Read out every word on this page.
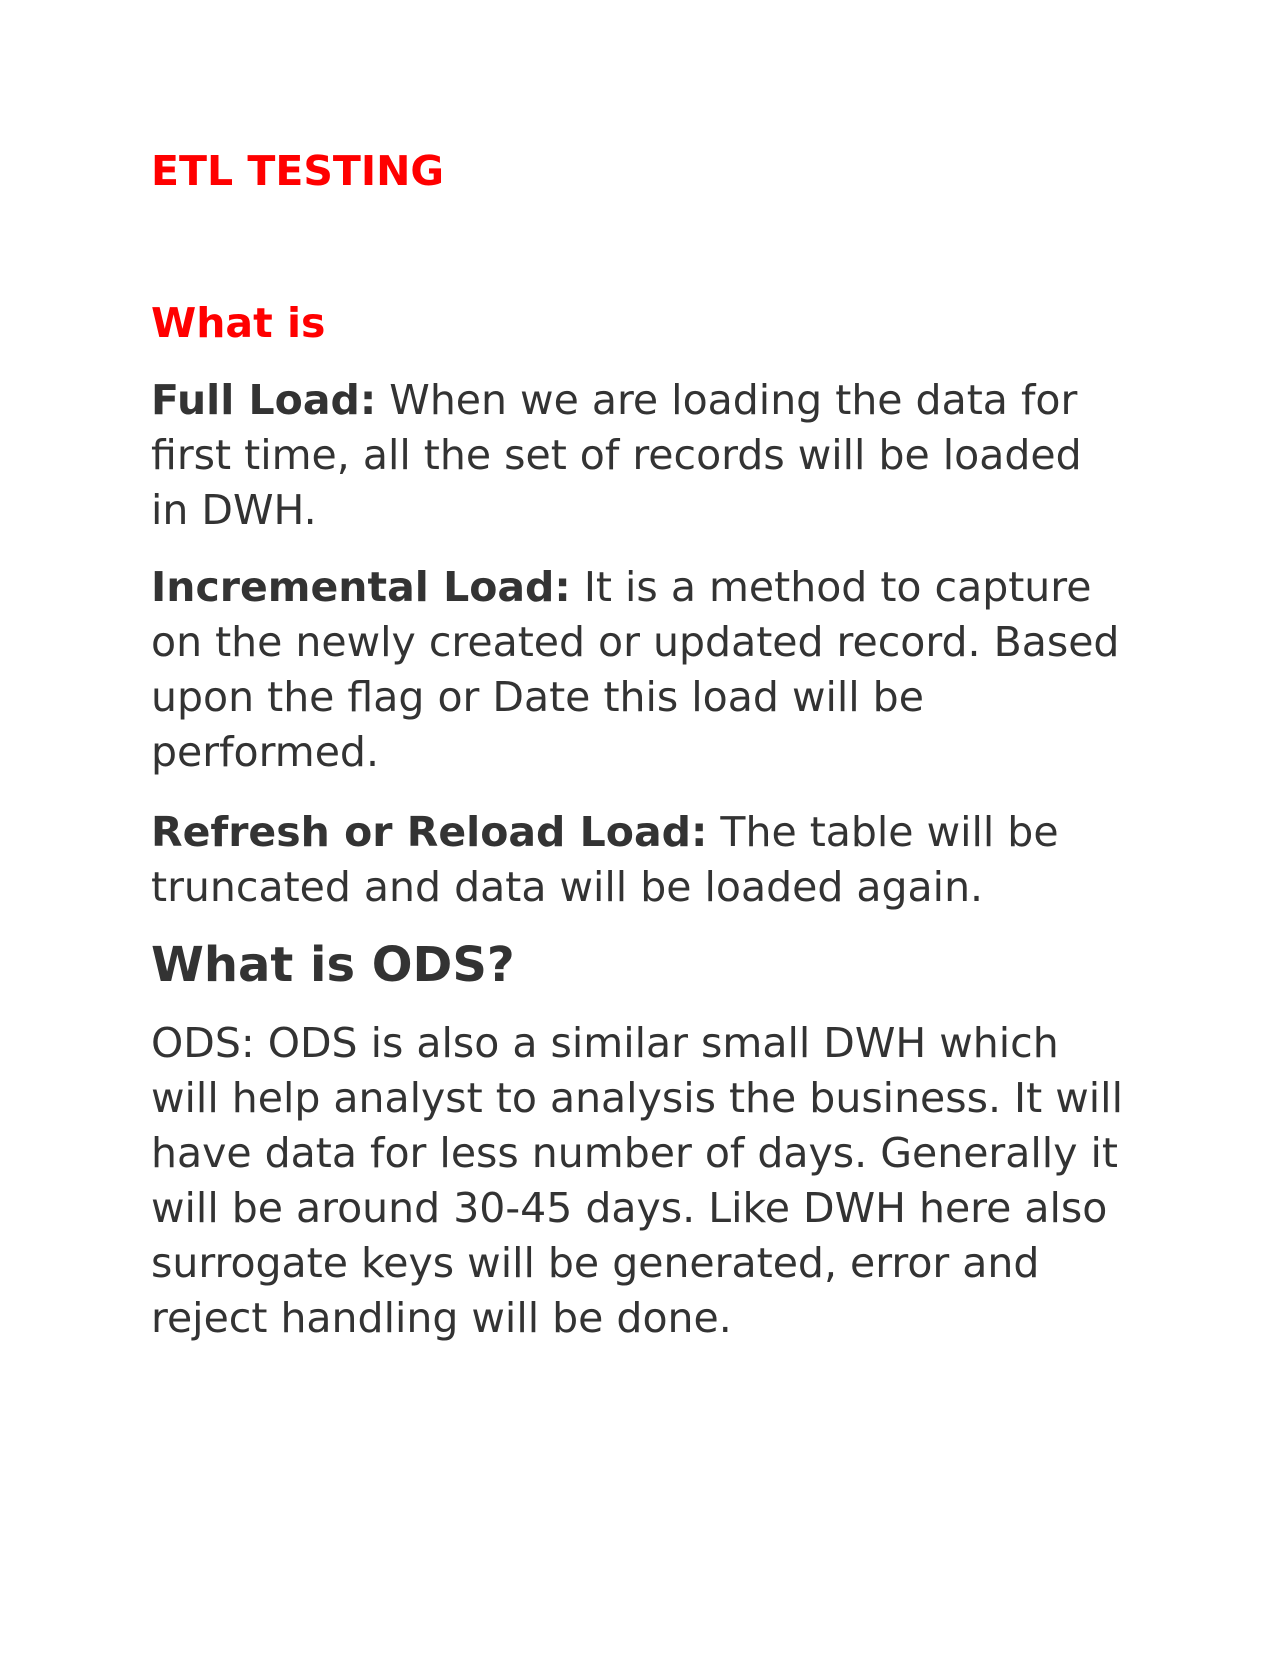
ETL TESTING
What is

Full Load: When we are loading the data for first time, all the set of records will be loaded in DWH.

Incremental Load: It is a method to capture on the newly created or updated record. Based upon the flag or Date this load will be performed.

Refresh or Reload Load: The table will be truncated and data will be loaded again.

What is ODS?

ODS: ODS is also a similar small DWH which will help analyst to analysis the business. It will have data for less number of days. Generally it will be around 30-45 days. Like DWH here also surrogate keys will be generated, error and reject handling will be done.
